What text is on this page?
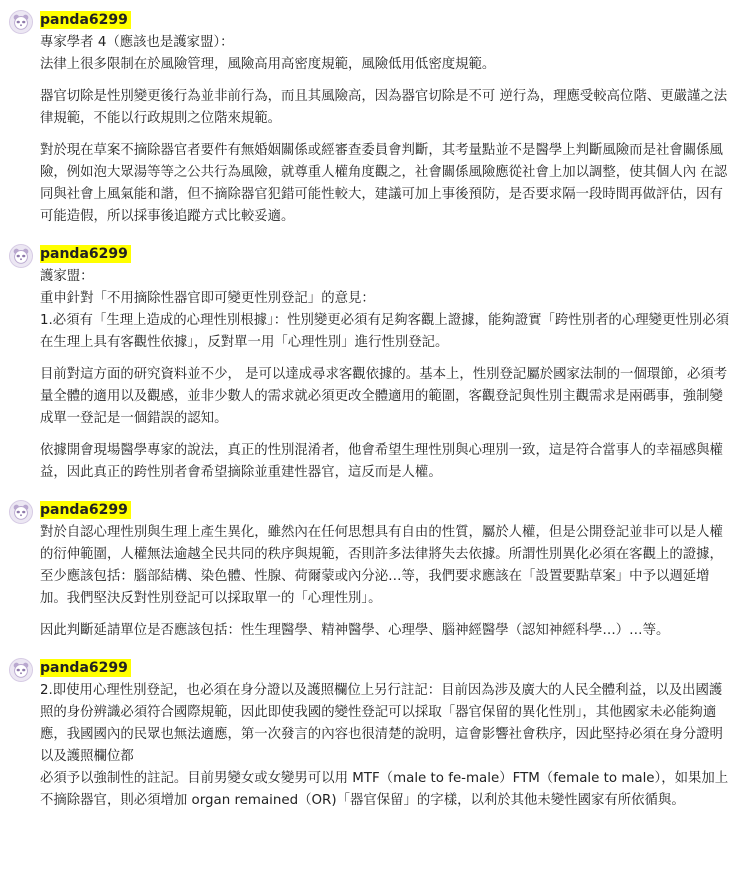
panda6299

專家學者 4（應該也是護家盟）：
法律上很多限制在於風險管理，風險高用高密度規範，風險低用低密度規範。

器官切除是性別變更後行為並非前行為，而且其風險高，因為器官切除是不可 逆行為，理應受較高位階、更嚴謹之法律規範，不能以行政規則之位階來規範。

對於現在草案不摘除器官者要件有無婚姻關係或經審查委員會判斷，其考量點並不是醫學上判斷風險而是社會關係風險，例如泡大眾湯等等之公共行為風險，就尊重人權角度觀之，社會關係風險應從社會上加以調整，使其個人內 在認同與社會上風氣能和諧，但不摘除器官犯錯可能性較大，建議可加上事後預防，是否要求隔一段時間再做評估，因有可能造假，所以採事後追蹤方式比較妥適。

panda6299

護家盟：
重申針對「不用摘除性器官即可變更性別登記」的意見：
1.必須有「生理上造成的心理性別根據」：性別變更必須有足夠客觀上證據，能夠證實「跨性別者的心理變更性別必須在生理上具有客觀性依據」，反對單一用「心理性別」進行性別登記。

目前對這方面的研究資料並不少， 是可以達成尋求客觀依據的。基本上，性別登記屬於國家法制的一個環節，必須考量全體的適用以及觀感，並非少數人的需求就必須更改全體適用的範圍，客觀登記與性別主觀需求是兩碼事，強制變成單一登記是一個錯誤的認知。

依據開會現場醫學專家的說法，真正的性別混淆者，他會希望生理性別與心理別一致，這是符合當事人的幸福感與權益，因此真正的跨性別者會希望摘除並重建性器官，這反而是人權。

panda6299

對於自認心理性別與生理上產生異化，雖然內在任何思想具有自由的性質，屬於人權，但是公開登記並非可以是人權的衍伸範圍，人權無法逾越全民共同的秩序與規範，否則許多法律將失去依據。所謂性別異化必須在客觀上的證據，至少應該包括：腦部結構、染色體、性腺、荷爾蒙或內分泌…等，我們要求應該在「設置要點草案」中予以週延增加。我們堅決反對性別登記可以採取單一的「心理性別」。

因此判斷延請單位是否應該包括：性生理醫學、精神醫學、心理學、腦神經醫學（認知神經科學…）…等。

panda6299

2.即使用心理性別登記，也必須在身分證以及護照欄位上另行註記：目前因為涉及廣大的人民全體利益，以及出國護照的身份辨識必須符合國際規範，因此即使我國的變性登記可以採取「器官保留的異化性別」，其他國家未必能夠適應，我國國內的民眾也無法適應，第一次發言的內容也很清楚的說明，這會影響社會秩序，因此堅持必須在身分證明以及護照欄位都
必須予以強制性的註記。目前男變女或女變男可以用 MTF（male to fe-male）FTM（female to male），如果加上不摘除器官，則必須增加 organ remained（OR)「器官保留」的字樣，以利於其他未變性國家有所依循與。
